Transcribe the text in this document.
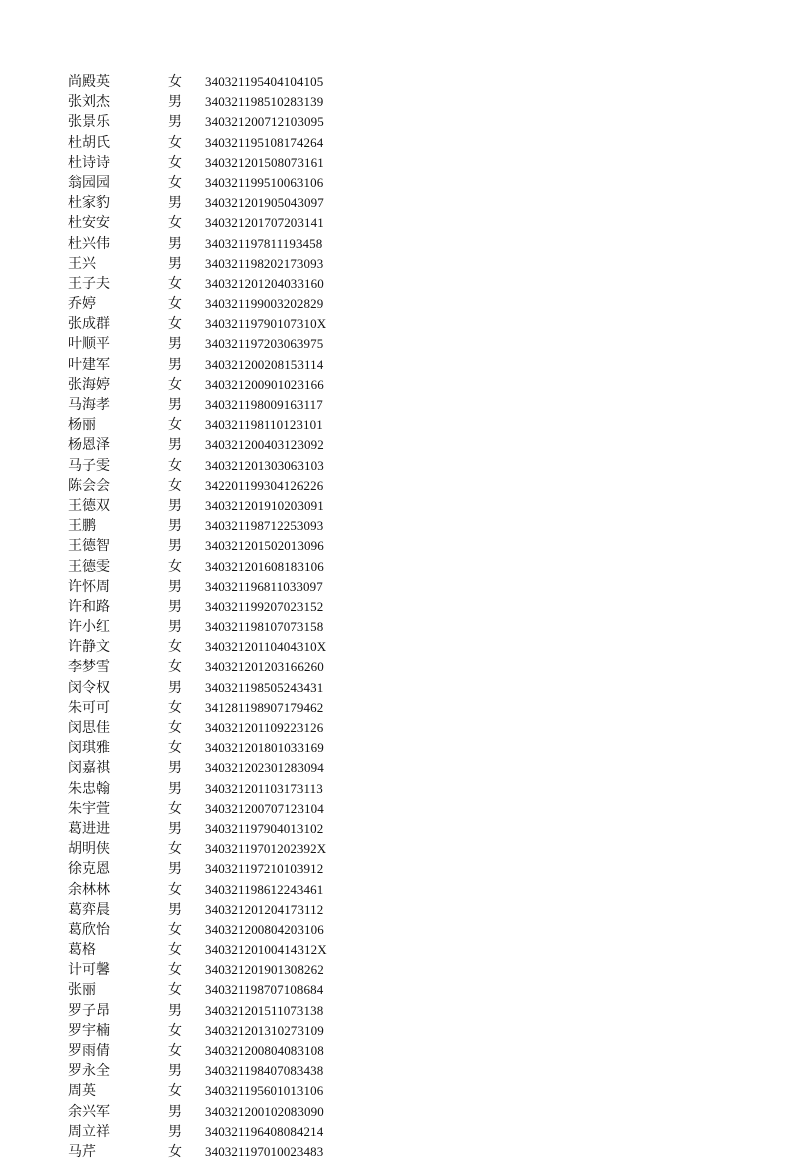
尚殿英	女 340321195404104105
张刘杰	男 340321198510283139
张景乐	男 340321200712103095
杜胡氏	女 340321195108174264
杜诗诗	女 340321201508073161
翁园园	女 340321199510063106
杜家豹	男 340321201905043097
杜安安	女 340321201707203141
杜兴伟	男 340321197811193458
王兴	男 340321198202173093
王子夫	女 340321201204033160
乔婷	女 340321199003202829
张成群	女 34032119790107310X
叶顺平	男 340321197203063975
叶建军	男 340321200208153114
张海婷	女 340321200901023166
马海孝	男 340321198009163117
杨丽	女 340321198110123101
杨恩泽	男 340321200403123092
马子雯	女 340321201303063103
陈会会	女 342201199304126226
王德双	男 340321201910203091
王鹏	男 340321198712253093
王德智	男 340321201502013096
王德雯	女 340321201608183106
许怀周	男 340321196811033097
许和路	男 340321199207023152
许小红	男 340321198107073158
许静文	女 34032120110404310X
李梦雪	女 340321201203166260
闵令权	男 340321198505243431
朱可可	女 341281198907179462
闵思佳	女 340321201109223126
闵琪雅	女 340321201801033169
闵嘉祺	男 340321202301283094
朱忠翰	男 340321201103173113
朱宇萱	女 340321200707123104
葛进进	男 340321197904013102
胡明侠	女 34032119701202392X
徐克恩	男 340321197210103912
余林林	女 340321198612243461
葛弈晨	男 340321201204173112
葛欣怡	女 340321200804203106
葛格	女 34032120100414312X
计可馨	女 340321201901308262
张丽	女 340321198707108684
罗子昂	男 340321201511073138
罗宇楠	女 340321201310273109
罗雨倩	女 340321200804083108
罗永全	男 340321198407083438
周英	女 340321195601013106
余兴军	男 340321200102083090
周立祥	男 340321196408084214
马芹	女 340321197010023483
